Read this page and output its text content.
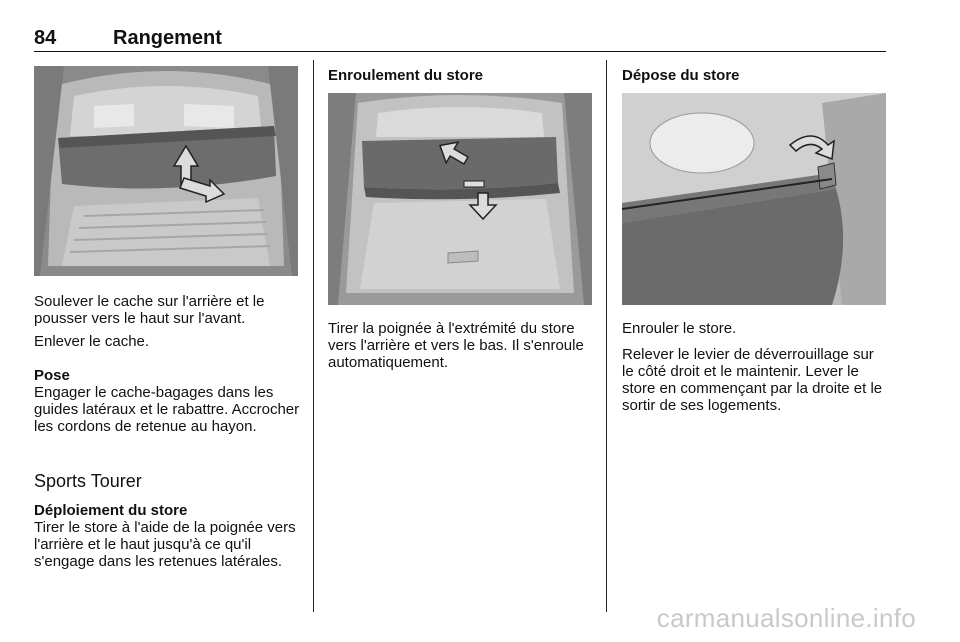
84	Rangement
Soulever le cache sur l'arrière et le pousser vers le haut sur l'avant.
Enlever le cache.
Pose
Engager le cache-bagages dans les guides latéraux et le rabattre. Accrocher les cordons de retenue au hayon.
Sports Tourer
Déploiement du store
Tirer le store à l'aide de la poignée vers l'arrière et le haut jusqu'à ce qu'il s'engage dans les retenues latérales.
Enroulement du store
Tirer la poignée à l'extrémité du store vers l'arrière et vers le bas. Il s'enroule automatiquement.
Dépose du store
Enrouler le store.
Relever le levier de déverrouillage sur le côté droit et le maintenir. Lever le store en commençant par la droite et le sortir de ses logements.
carmanualsonline.info
